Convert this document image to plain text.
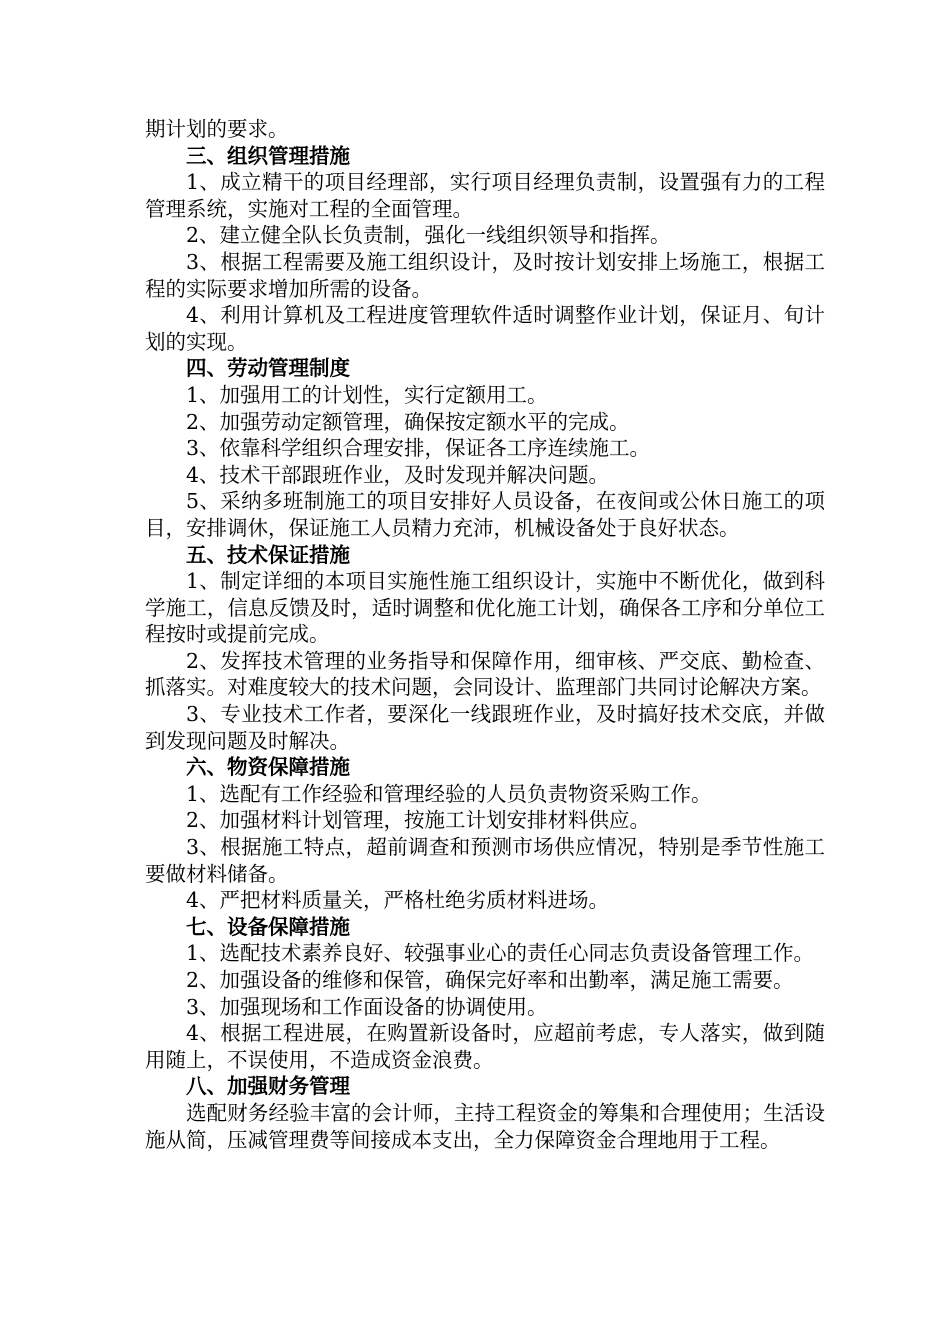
期计划的要求。

三、组织管理措施

1、成立精干的项目经理部，实行项目经理负责制，设置强有力的工程管理系统，实施对工程的全面管理。

2、建立健全队长负责制，强化一线组织领导和指挥。

3、根据工程需要及施工组织设计，及时按计划安排上场施工，根据工程的实际要求增加所需的设备。

4、利用计算机及工程进度管理软件适时调整作业计划，保证月、旬计划的实现。

四、劳动管理制度

1、加强用工的计划性，实行定额用工。

2、加强劳动定额管理，确保按定额水平的完成。

3、依靠科学组织合理安排，保证各工序连续施工。

4、技术干部跟班作业，及时发现并解决问题。

5、采纳多班制施工的项目安排好人员设备，在夜间或公休日施工的项目，安排调休，保证施工人员精力充沛，机械设备处于良好状态。

五、技术保证措施

1、制定详细的本项目实施性施工组织设计，实施中不断优化，做到科学施工，信息反馈及时，适时调整和优化施工计划，确保各工序和分单位工程按时或提前完成。

2、发挥技术管理的业务指导和保障作用，细审核、严交底、勤检查、抓落实。对难度较大的技术问题，会同设计、监理部门共同讨论解决方案。

3、专业技术工作者，要深化一线跟班作业，及时搞好技术交底，并做到发现问题及时解决。

六、物资保障措施

1、选配有工作经验和管理经验的人员负责物资采购工作。

2、加强材料计划管理，按施工计划安排材料供应。

3、根据施工特点，超前调查和预测市场供应情况，特别是季节性施工要做材料储备。

4、严把材料质量关，严格杜绝劣质材料进场。

七、设备保障措施

1、选配技术素养良好、较强事业心的责任心同志负责设备管理工作。

2、加强设备的维修和保管，确保完好率和出勤率，满足施工需要。

3、加强现场和工作面设备的协调使用。

4、根据工程进展，在购置新设备时，应超前考虑，专人落实，做到随用随上，不误使用，不造成资金浪费。

八、加强财务管理

选配财务经验丰富的会计师，主持工程资金的筹集和合理使用；生活设施从简，压减管理费等间接成本支出，全力保障资金合理地用于工程。
